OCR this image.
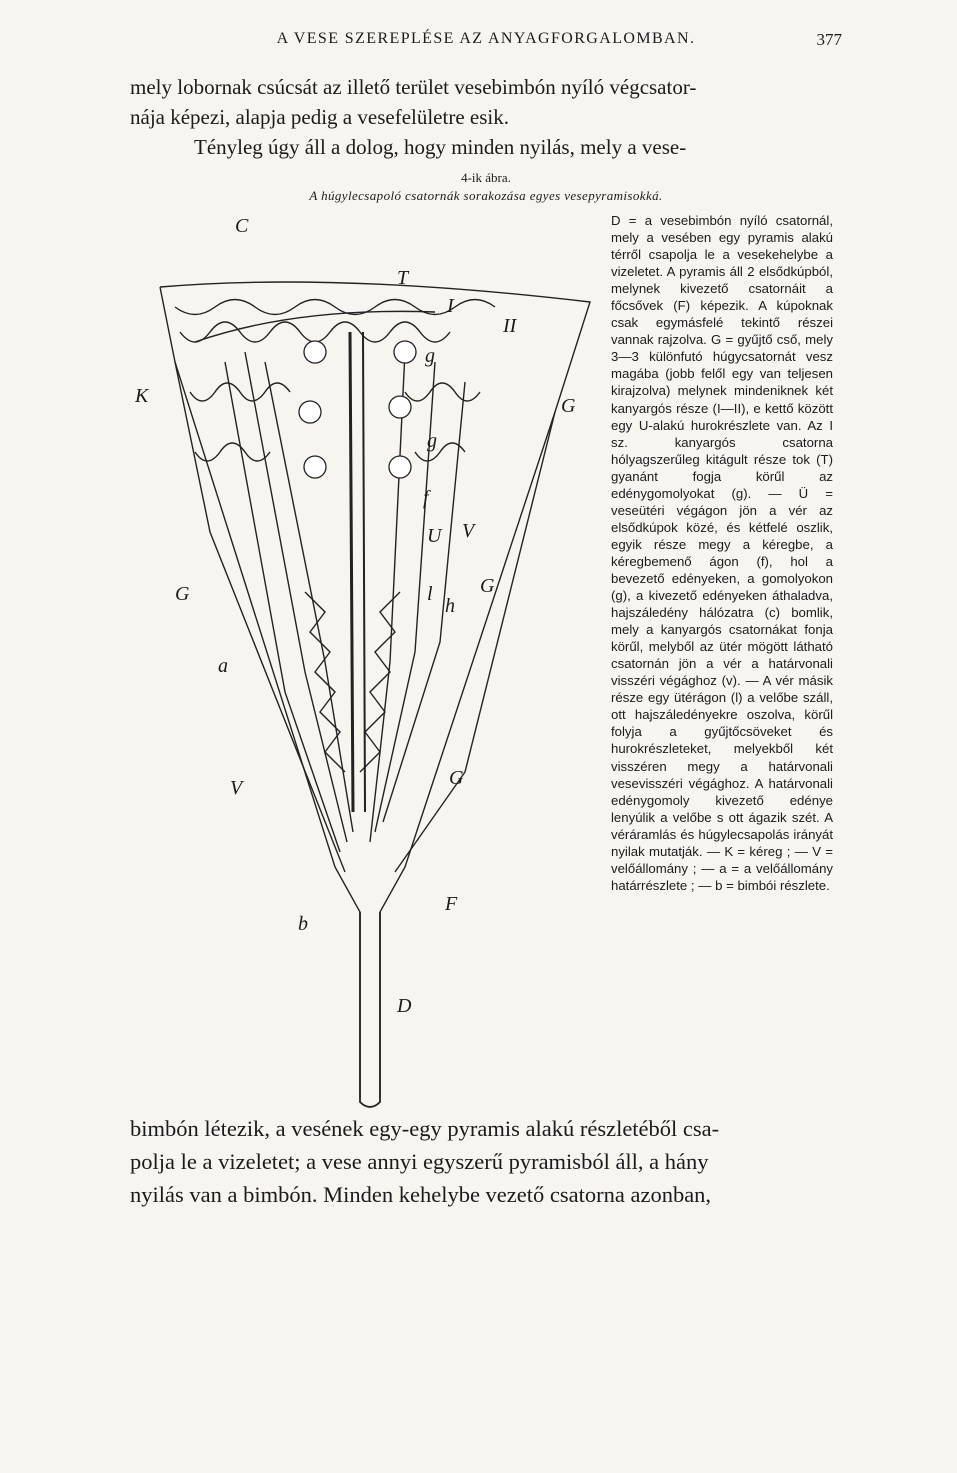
A VESE SZEREPLÉSE AZ ANYAGFORGALOMBAN.	377
mely lobornak csúcsát az illető terület vesebimbón nyíló végcsator-
nája képezi, alapja pedig a vesefelületre esik.
Tényleg úgy áll a dolog, hogy minden nyilás, mely a vese-
4-ik ábra.
A húgylecsapoló csatornák sorakozása egyes vesepyramisokká.
C
T
I
II
K
g
g
G
G
G
G
U
f
V
V
h
l
a
b
F
D
D = a vesebimbón nyíló csatornál, mely a vesében egy pyramis alakú térről csapolja le a vesekehelybe a vizeletet. A pyramis áll 2 elsődkúpból, melynek kivezető csatornáit a főcsővek (F) képezik. A kúpoknak csak egymásfelé tekintő részei vannak rajzolva. G = gyűjtő cső, mely 3—3 különfutó húgycsatornát vesz magába (jobb felől egy van teljesen kirajzolva) melynek mindeniknek két kanyargós része (I—II), e kettő között egy U-alakú hurokrészlete van. Az I sz. kanyargós csatorna hólyagszerűleg kitágult része tok (T) gyanánt fogja körűl az edénygomolyokat (g). — Ü = veseütéri végágon jön a vér az elsődkúpok közé, és kétfelé oszlik, egyik része megy a kéregbe, a kéregbemenő ágon (f), hol a bevezető edényeken, a gomolyokon (g), a kivezető edényeken áthaladva, hajszáledény hálózatra (c) bomlik, mely a kanyargós csatornákat fonja körűl, melyből az ütér mögött látható csatornán jön a vér a határvonali visszéri végághoz (v). — A vér másik része egy ütérágon (l) a velőbe száll, ott hajszáledényekre oszolva, körűl folyja a gyűjtőcsöveket és hurokrészleteket, melyekből két visszéren megy a határvonali vesevisszéri végághoz. A határvonali edénygomoly kivezető edénye lenyúlik a velőbe s ott ágazik szét. A véráramlás és húgylecsapolás irányát nyilak mutatják. — K = kéreg ; — V = velőállomány ; — a = a velőállomány határrészlete ; — b = bimbói részlete.
bimbón létezik, a vesének egy-egy pyramis alakú részletéből csa-
polja le a vizeletet; a vese annyi egyszerű pyramisból áll, a hány
nyilás van a bimbón. Minden kehelybe vezető csatorna azonban,
